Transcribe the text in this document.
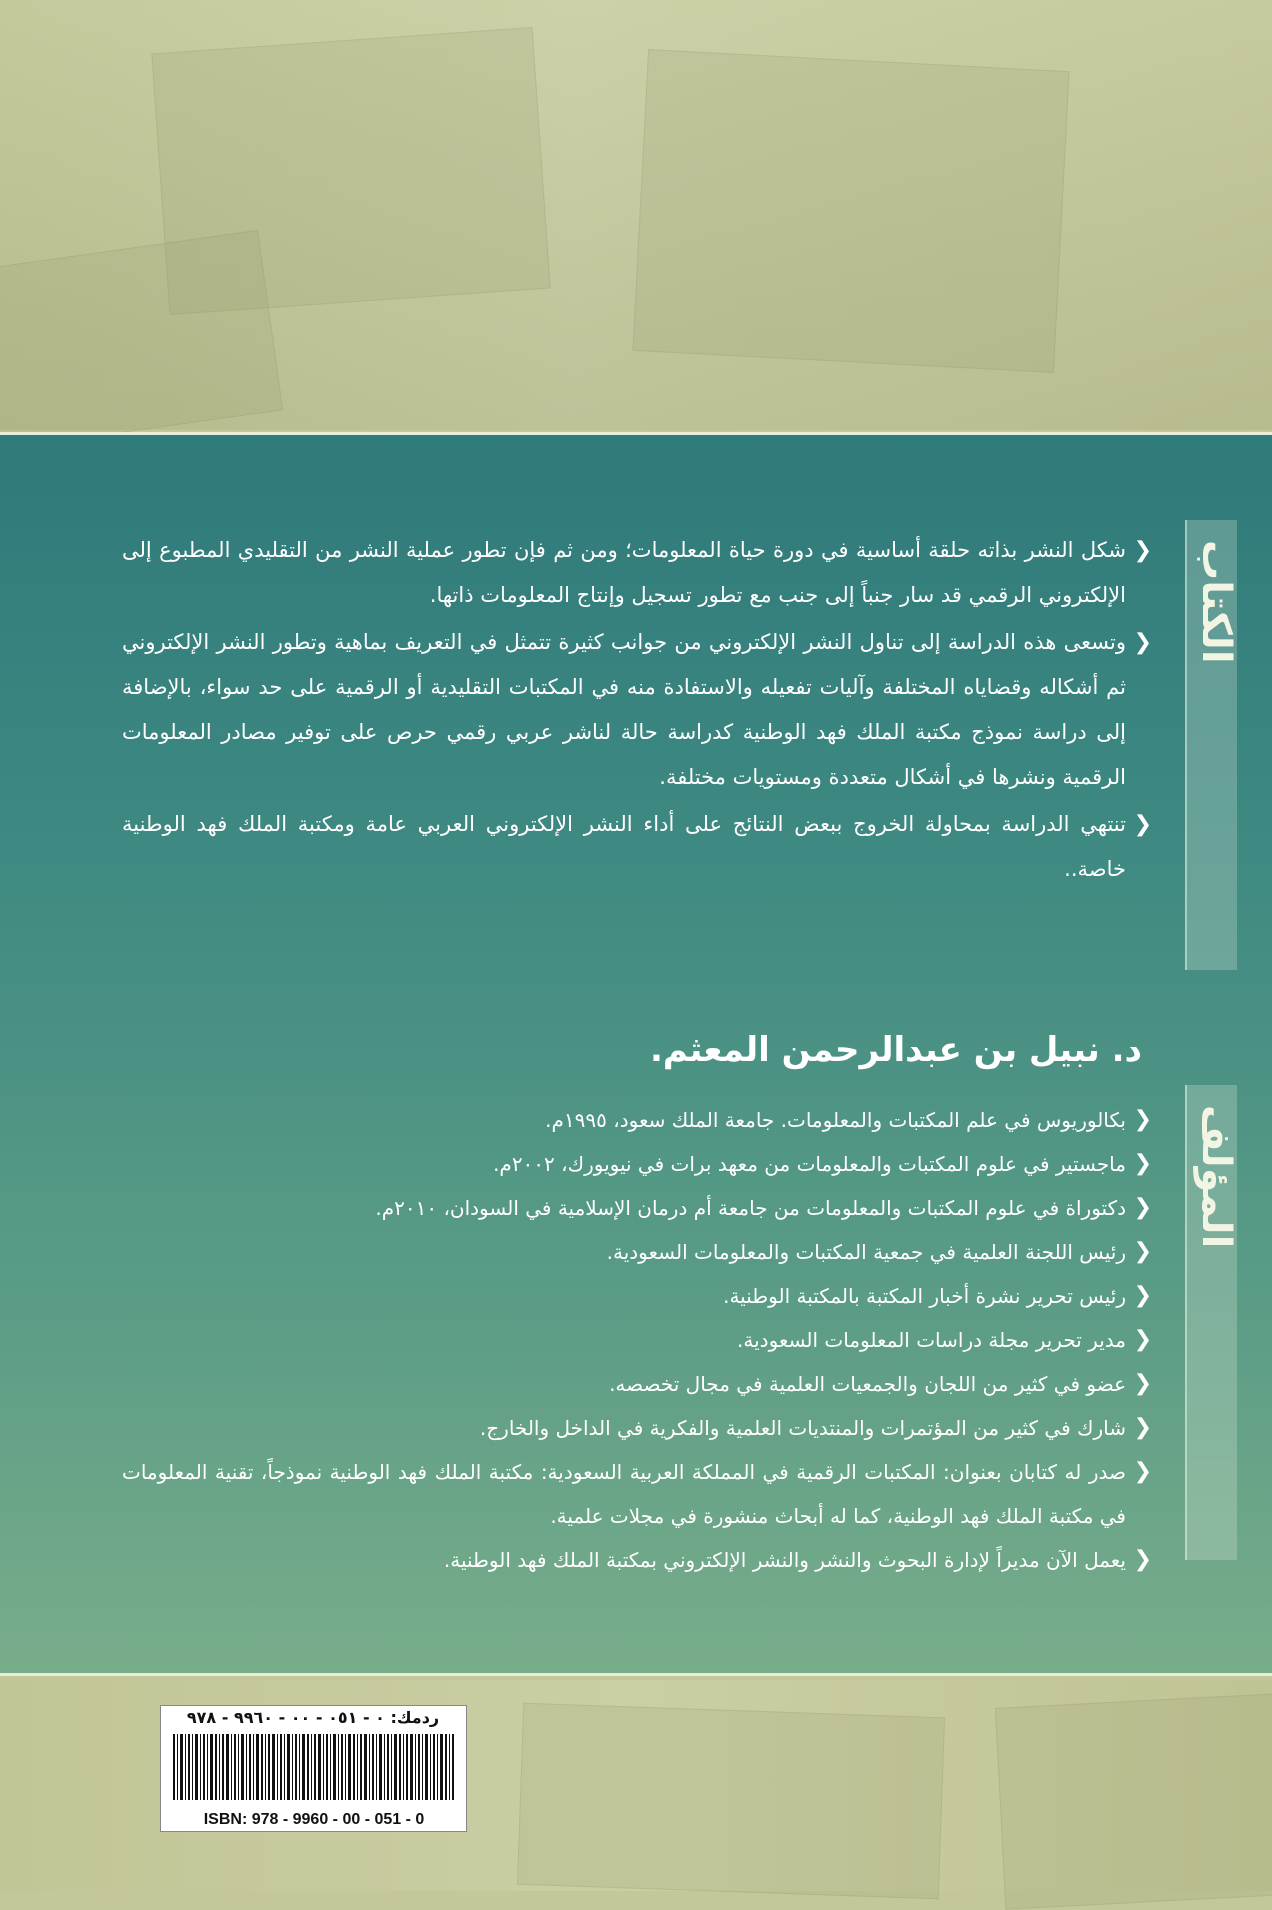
الكتاب
المؤلف
❮
شكل النشر بذاته حلقة أساسية في دورة حياة المعلومات؛ ومن ثم فإن تطور عملية النشر من التقليدي المطبوع إلى الإلكتروني الرقمي قد سار جنباً إلى جنب مع تطور تسجيل وإنتاج المعلومات ذاتها.
❮
وتسعى هذه الدراسة إلى تناول النشر الإلكتروني من جوانب كثيرة تتمثل في التعريف بماهية وتطور النشر الإلكتروني ثم أشكاله وقضاياه المختلفة وآليات تفعيله والاستفادة منه في المكتبات التقليدية أو الرقمية على حد سواء، بالإضافة إلى دراسة نموذج مكتبة الملك فهد الوطنية كدراسة حالة لناشر عربي رقمي حرص على توفير مصادر المعلومات الرقمية ونشرها في أشكال متعددة ومستويات مختلفة.
❮
تنتهي الدراسة بمحاولة الخروج ببعض النتائج على أداء النشر الإلكتروني العربي عامة ومكتبة الملك فهد الوطنية خاصة..
د. نبيل بن عبدالرحمن المعثم.
❮
بكالوريوس في علم المكتبات والمعلومات. جامعة الملك سعود، ١٩٩٥م.
❮
ماجستير في علوم المكتبات والمعلومات من معهد برات في نيويورك، ٢٠٠٢م.
❮
دكتوراة في علوم المكتبات والمعلومات من جامعة أم درمان الإسلامية في السودان، ٢٠١٠م.
❮
رئيس اللجنة العلمية في جمعية المكتبات والمعلومات السعودية.
❮
رئيس تحرير نشرة أخبار المكتبة بالمكتبة الوطنية.
❮
مدير تحرير مجلة دراسات المعلومات السعودية.
❮
عضو في كثير من اللجان والجمعيات العلمية في مجال تخصصه.
❮
شارك في كثير من المؤتمرات والمنتديات العلمية والفكرية في الداخل والخارج.
❮
صدر له كتابان بعنوان: المكتبات الرقمية في المملكة العربية السعودية: مكتبة الملك فهد الوطنية نموذجاً، تقنية المعلومات في مكتبة الملك فهد الوطنية، كما له أبحاث منشورة في مجلات علمية.
❮
يعمل الآن مديراً لإدارة البحوث والنشر والنشر الإلكتروني بمكتبة الملك فهد الوطنية.
ردمك: ٠ - ٠٥١ - ٠٠ - ٩٩٦٠ - ٩٧٨
ISBN: 978 - 9960 - 00 - 051 - 0
